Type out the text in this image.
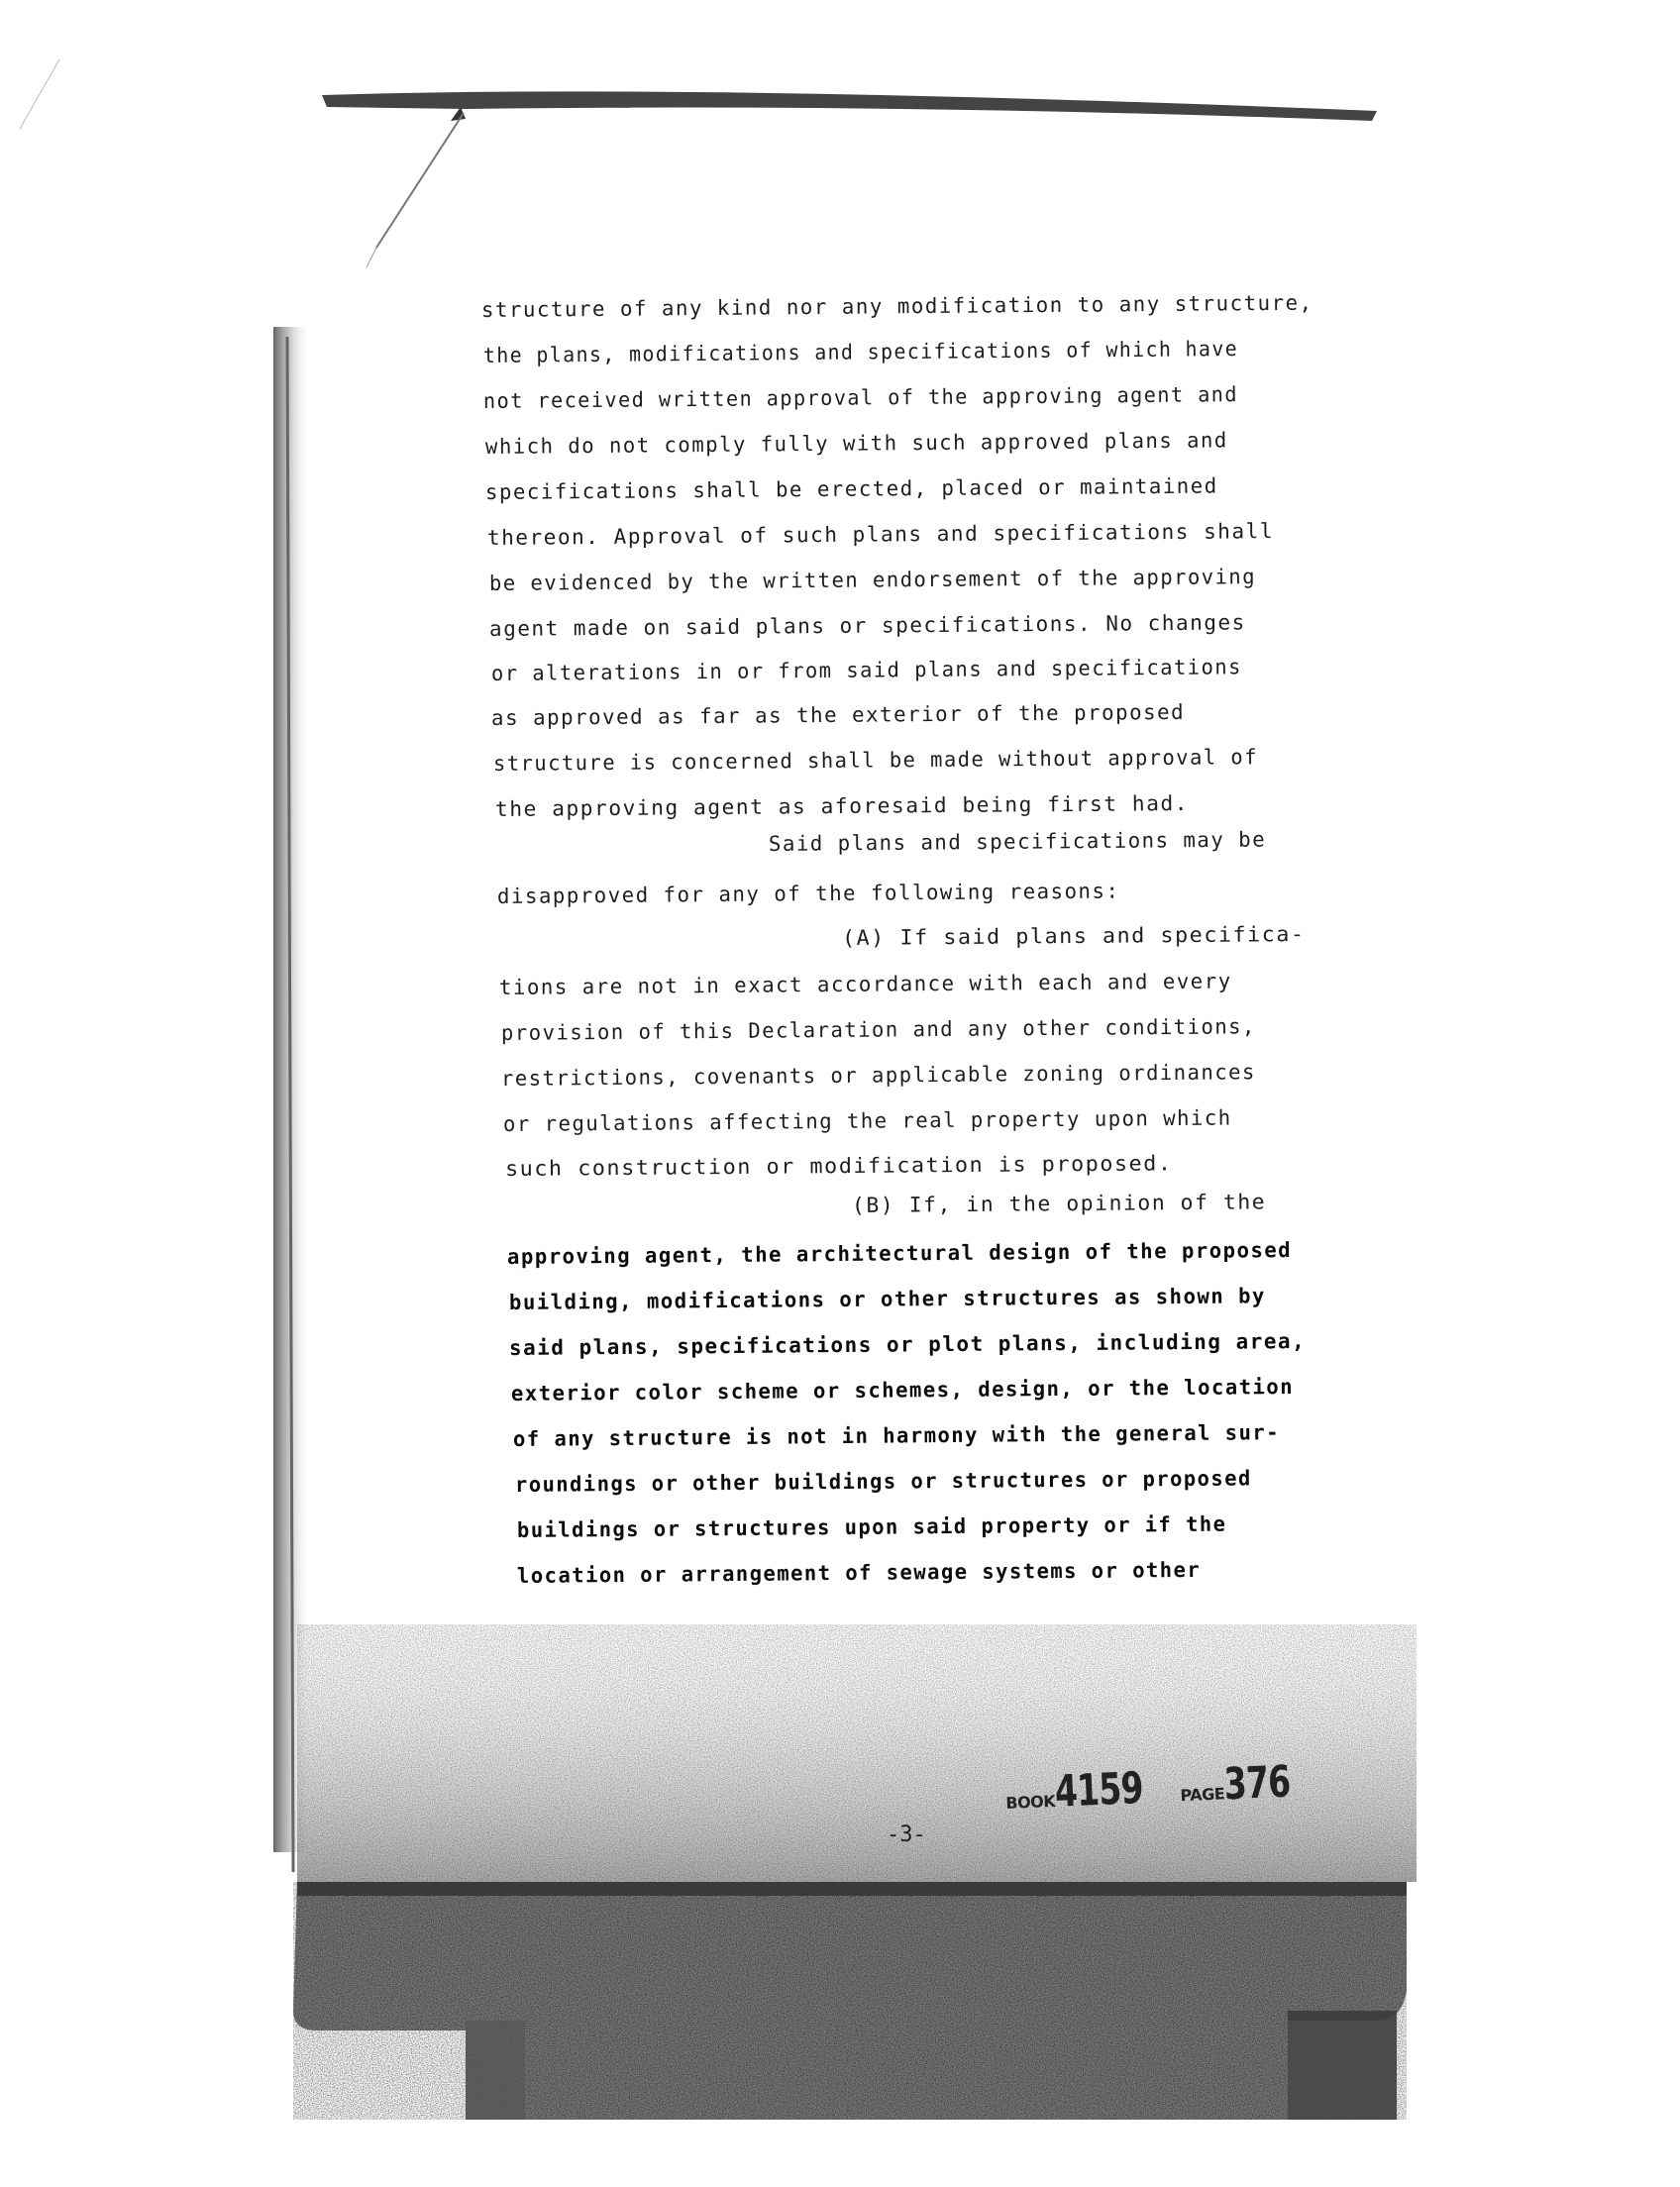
structure of any kind nor any modification to any structure,
the plans, modifications and specifications of which have
not received written approval of the approving agent and
which do not comply fully with such approved plans and
specifications shall be erected, placed or maintained
thereon. Approval of such plans and specifications shall
be evidenced by the written endorsement of the approving
agent made on said plans or specifications. No changes
or alterations in or from said plans and specifications
as approved as far as the exterior of the proposed
structure is concerned shall be made without approval of
the approving agent as aforesaid being first had.
Said plans and specifications may be
disapproved for any of the following reasons:
(A) If said plans and specifica-
tions are not in exact accordance with each and every
provision of this Declaration and any other conditions,
restrictions, covenants or applicable zoning ordinances
or regulations affecting the real property upon which
such construction or modification is proposed.
(B) If, in the opinion of the
approving agent, the architectural design of the proposed
building, modifications or other structures as shown by
said plans, specifications or plot plans, including area,
exterior color scheme or schemes, design, or the location
of any structure is not in harmony with the general sur-
roundings or other buildings or structures or proposed
buildings or structures upon said property or if the
location or arrangement of sewage systems or other
-3-
BOOK4159 PAGE376
